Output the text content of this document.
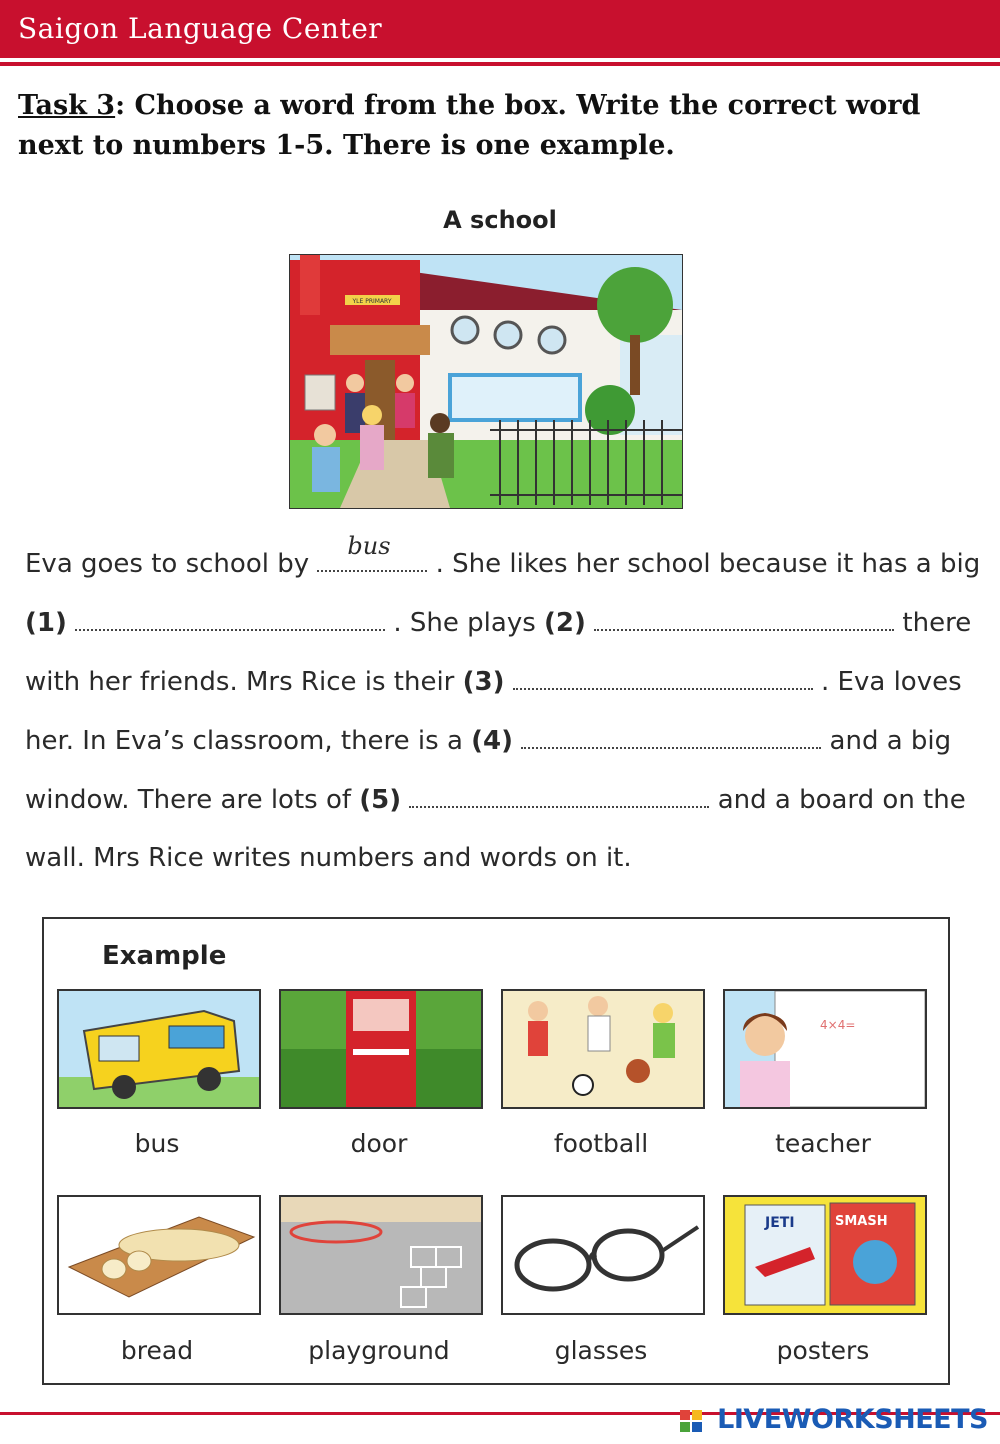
Saigon Language Center
Task 3: Choose a word from the box. Write the correct word next to numbers 1-5. There is one example.
A school
YLE PRIMARY
Eva goes to school by
bus
. She likes her school because it has a big
(1)	. She plays (2)	there
with her friends. Mrs Rice is their (3)	. Eva loves
her. In Eva’s classroom, there is a (4)	and a big
window. There are lots of (5)	and a board on the
wall. Mrs Rice writes numbers and words on it.
Example
4×4=
bus	door	football	teacher
JETI	SMASH
bread	playground	glasses	posters
LIVEWORKSHEETS
